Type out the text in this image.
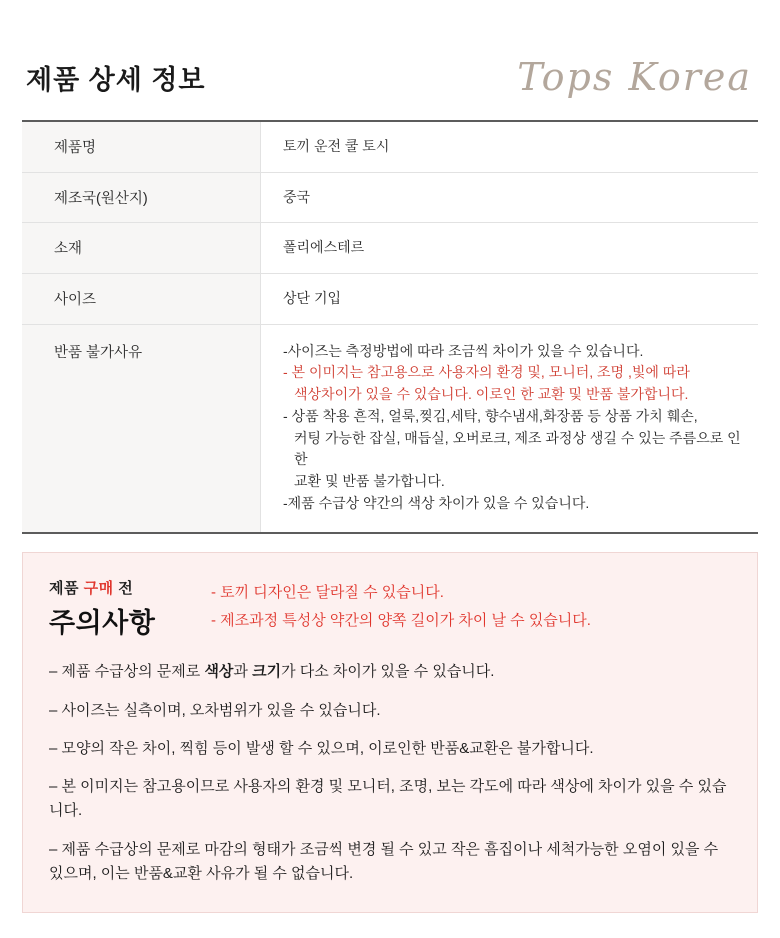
제품 상세 정보	Tops Korea
제품명	토끼 운전 쿨 토시
제조국(원산지)	중국
소재	폴리에스테르
사이즈	상단 기입
반품 불가사유	-사이즈는 측정방법에 따라 조금씩 차이가 있을 수 있습니다.
- 본 이미지는 참고용으로 사용자의 환경 및, 모니터, 조명 ,빛에 따라
색상차이가 있을 수 있습니다. 이로인 한 교환 및 반품 불가합니다.
- 상품 착용 흔적, 얼룩,찢김,세탁, 향수냄새,화장품 등 상품 가치 훼손,
커팅 가능한 잡실, 매듭실, 오버로크, 제조 과정상 생길 수 있는 주름으로 인한
교환 및 반품 불가합니다.
-제품 수급상 약간의 색상 차이가 있을 수 있습니다.
제품 구매 전
주의사항
- 토끼 디자인은 달라질 수 있습니다.
- 제조과정 특성상 약간의 양쪽 길이가 차이 날 수 있습니다.

– 제품 수급상의 문제로 색상과 크기가 다소 차이가 있을 수 있습니다.

– 사이즈는 실측이며, 오차범위가 있을 수 있습니다.

– 모양의 작은 차이, 찍힘 등이 발생 할 수 있으며, 이로인한 반품&교환은 불가합니다.

– 본 이미지는 참고용이므로 사용자의 환경 및 모니터, 조명, 보는 각도에 따라 색상에 차이가 있을 수 있습니다.

– 제품 수급상의 문제로 마감의 형태가 조금씩 변경 될 수 있고 작은 흠집이나 세척가능한 오염이 있을 수 있으며, 이는 반품&교환 사유가 될 수 없습니다.
